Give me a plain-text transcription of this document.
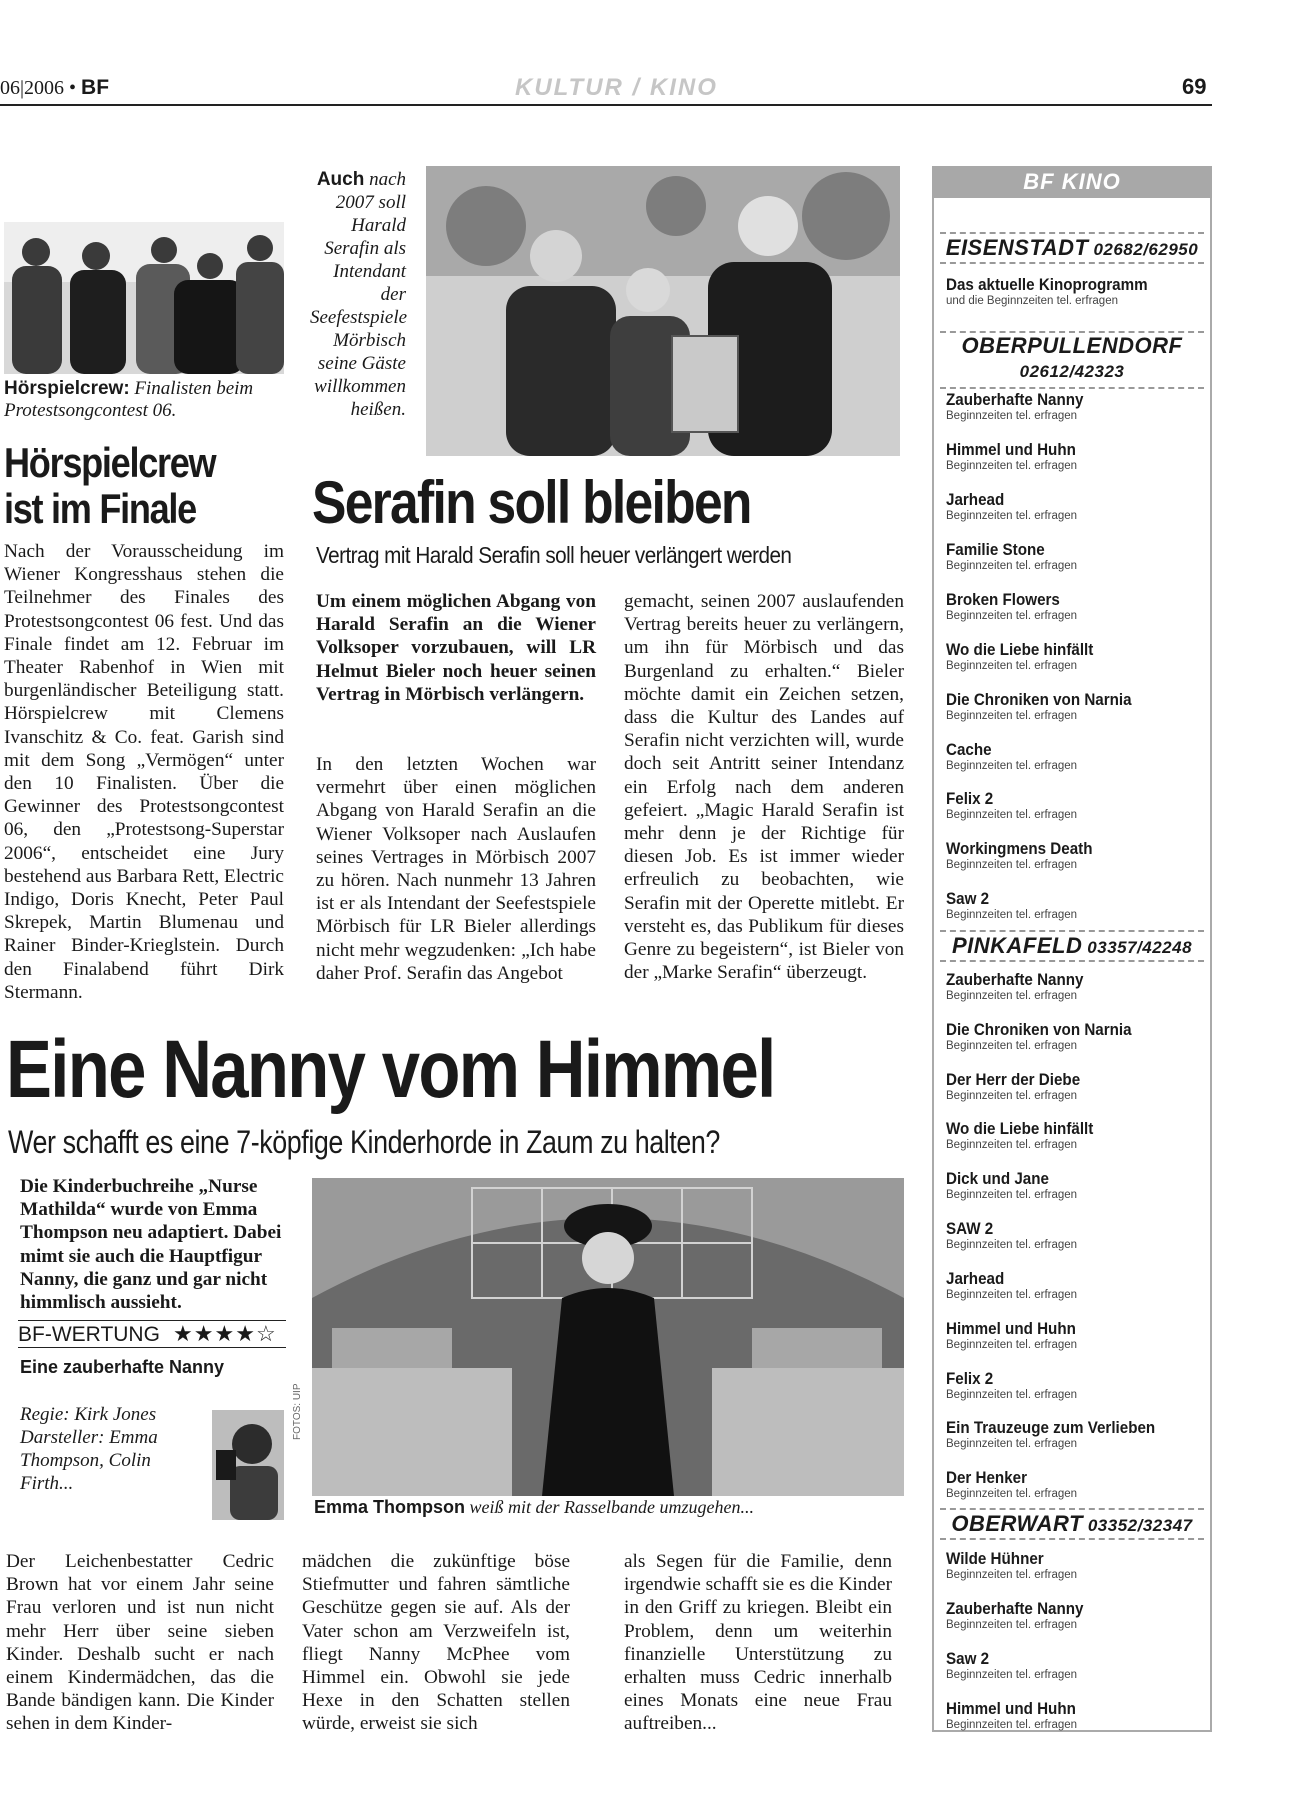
06|2006 • BF	KULTUR / KINO	69
Hörspielcrew: Finalisten beim Protestsongcontest 06.
Hörspielcrew ist im Finale
Nach der Vorausscheidung im Wiener Kongresshaus stehen die Teilnehmer des Finales des Protestsongcontest 06 fest. Und das Finale findet am 12. Februar im Theater Rabenhof in Wien mit burgenländischer Beteiligung statt. Hörspielcrew mit Clemens Ivanschitz & Co. feat. Garish sind mit dem Song „Vermögen“ unter den 10 Finalisten. Über die Gewinner des Protestsongcontest 06, den „Protestsong-Superstar 2006“, entscheidet eine Jury bestehend aus Barbara Rett, Electric Indigo, Doris Knecht, Peter Paul Skrepek, Martin Blumenau und Rainer Binder-Krieglstein. Durch den Finalabend führt Dirk Stermann.
Auch nach 2007 soll Harald Serafin als Intendant der Seefestspiele Mörbisch seine Gäste willkommen heißen.
Serafin soll bleiben
Vertrag mit Harald Serafin soll heuer verlängert werden
Um einem möglichen Abgang von Harald Serafin an die Wiener Volksoper vorzubauen, will LR Helmut Bieler noch heuer seinen Vertrag in Mörbisch verlängern.
In den letzten Wochen war vermehrt über einen möglichen Abgang von Harald Serafin an die Wiener Volksoper nach Auslaufen seines Vertrages in Mörbisch 2007 zu hören. Nach nunmehr 13 Jahren ist er als Intendant der Seefestspiele Mörbisch für LR Bieler allerdings nicht mehr wegzudenken: „Ich habe daher Prof. Serafin das Angebot
gemacht, seinen 2007 auslaufenden Vertrag bereits heuer zu verlängern, um ihn für Mörbisch und das Burgenland zu erhalten.“ Bieler möchte damit ein Zeichen setzen, dass die Kultur des Landes auf Serafin nicht verzichten will, wurde doch seit Antritt seiner Intendanz ein Erfolg nach dem anderen gefeiert. „Magic Harald Serafin ist mehr denn je der Richtige für diesen Job. Es ist immer wieder erfreulich zu beobachten, wie Serafin mit der Operette mitlebt. Er versteht es, das Publikum für dieses Genre zu begeistern“, ist Bieler von der „Marke Serafin“ überzeugt.
Eine Nanny vom Himmel
Wer schafft es eine 7-köpfige Kinderhorde in Zaum zu halten?
Die Kinderbuchreihe „Nurse Mathilda“ wurde von Emma Thompson neu adaptiert. Dabei mimt sie auch die Hauptfigur Nanny, die ganz und gar nicht himmlisch aussieht.
BF-WERTUNG ★★★★☆
Eine zauberhafte Nanny
Regie: Kirk Jones Darsteller: Emma Thompson, Colin Firth...
FOTOS: UIP
Emma Thompson weiß mit der Rasselbande umzugehen...
Der Leichenbestatter Cedric Brown hat vor einem Jahr seine Frau verloren und ist nun nicht mehr Herr über seine sieben Kinder. Deshalb sucht er nach einem Kindermädchen, das die Bande bändigen kann. Die Kinder sehen in dem Kinder-
mädchen die zukünftige böse Stiefmutter und fahren sämtliche Geschütze gegen sie auf. Als der Vater schon am Verzweifeln ist, fliegt Nanny McPhee vom Himmel ein. Obwohl sie jede Hexe in den Schatten stellen würde, erweist sie sich
als Segen für die Familie, denn irgendwie schafft sie es die Kinder in den Griff zu kriegen. Bleibt ein Problem, denn um weiterhin finanzielle Unterstützung zu erhalten muss Cedric innerhalb eines Monats eine neue Frau auftreiben...
BF KINO
EISENSTADT 02682/62950
Das aktuelle Kinoprogramm
und die Beginnzeiten tel. erfragen
OBERPULLENDORF
02612/42323
Zauberhafte Nanny
Beginnzeiten tel. erfragen
Himmel und Huhn
Beginnzeiten tel. erfragen
Jarhead
Beginnzeiten tel. erfragen
Familie Stone
Beginnzeiten tel. erfragen
Broken Flowers
Beginnzeiten tel. erfragen
Wo die Liebe hinfällt
Beginnzeiten tel. erfragen
Die Chroniken von Narnia
Beginnzeiten tel. erfragen
Cache
Beginnzeiten tel. erfragen
Felix 2
Beginnzeiten tel. erfragen
Workingmens Death
Beginnzeiten tel. erfragen
Saw 2
Beginnzeiten tel. erfragen
PINKAFELD 03357/42248
Zauberhafte Nanny
Beginnzeiten tel. erfragen
Die Chroniken von Narnia
Beginnzeiten tel. erfragen
Der Herr der Diebe
Beginnzeiten tel. erfragen
Wo die Liebe hinfällt
Beginnzeiten tel. erfragen
Dick und Jane
Beginnzeiten tel. erfragen
SAW 2
Beginnzeiten tel. erfragen
Jarhead
Beginnzeiten tel. erfragen
Himmel und Huhn
Beginnzeiten tel. erfragen
Felix 2
Beginnzeiten tel. erfragen
Ein Trauzeuge zum Verlieben
Beginnzeiten tel. erfragen
Der Henker
Beginnzeiten tel. erfragen
OBERWART 03352/32347
Wilde Hühner
Beginnzeiten tel. erfragen
Zauberhafte Nanny
Beginnzeiten tel. erfragen
Saw 2
Beginnzeiten tel. erfragen
Himmel und Huhn
Beginnzeiten tel. erfragen
